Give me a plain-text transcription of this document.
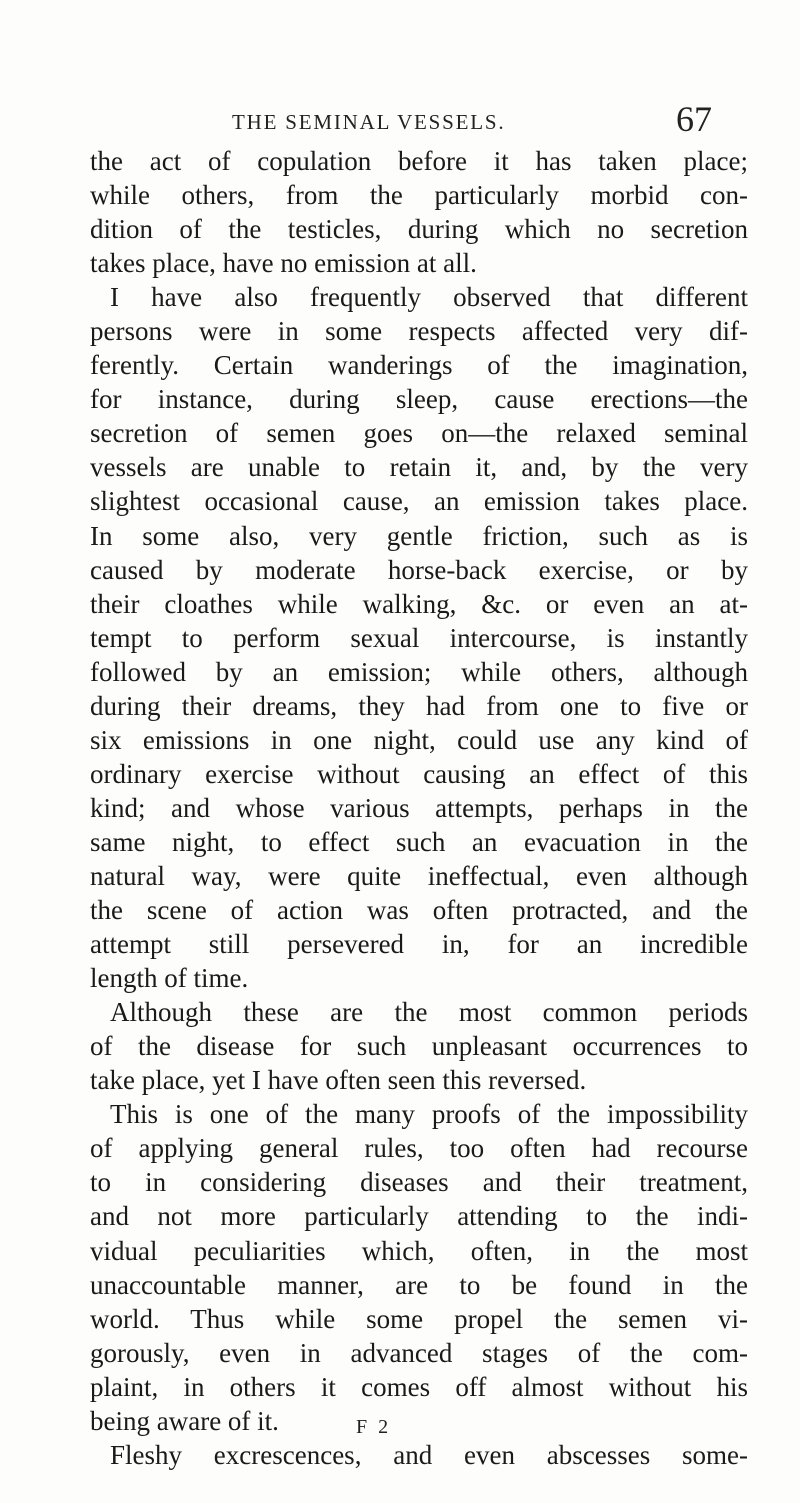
THE SEMINAL VESSELS.	67
the act of copulation before it has taken place;
while others, from the particularly morbid con-
dition of the testicles, during which no secretion
takes place, have no emission at all.
I have also frequently observed that different
persons were in some respects affected very dif-
ferently. Certain wanderings of the imagination,
for instance, during sleep, cause erections—the
secretion of semen goes on—the relaxed seminal
vessels are unable to retain it, and, by the very
slightest occasional cause, an emission takes place.
In some also, very gentle friction, such as is
caused by moderate horse-back exercise, or by
their cloathes while walking, &c. or even an at-
tempt to perform sexual intercourse, is instantly
followed by an emission; while others, although
during their dreams, they had from one to five or
six emissions in one night, could use any kind of
ordinary exercise without causing an effect of this
kind; and whose various attempts, perhaps in the
same night, to effect such an evacuation in the
natural way, were quite ineffectual, even although
the scene of action was often protracted, and the
attempt still persevered in, for an incredible
length of time.
Although these are the most common periods
of the disease for such unpleasant occurrences to
take place, yet I have often seen this reversed.
This is one of the many proofs of the impossibility
of applying general rules, too often had recourse
to in considering diseases and their treatment,
and not more particularly attending to the indi-
vidual peculiarities which, often, in the most
unaccountable manner, are to be found in the
world. Thus while some propel the semen vi-
gorously, even in advanced stages of the com-
plaint, in others it comes off almost without his
being aware of it.
Fleshy excrescences, and even abscesses some-
F 2
